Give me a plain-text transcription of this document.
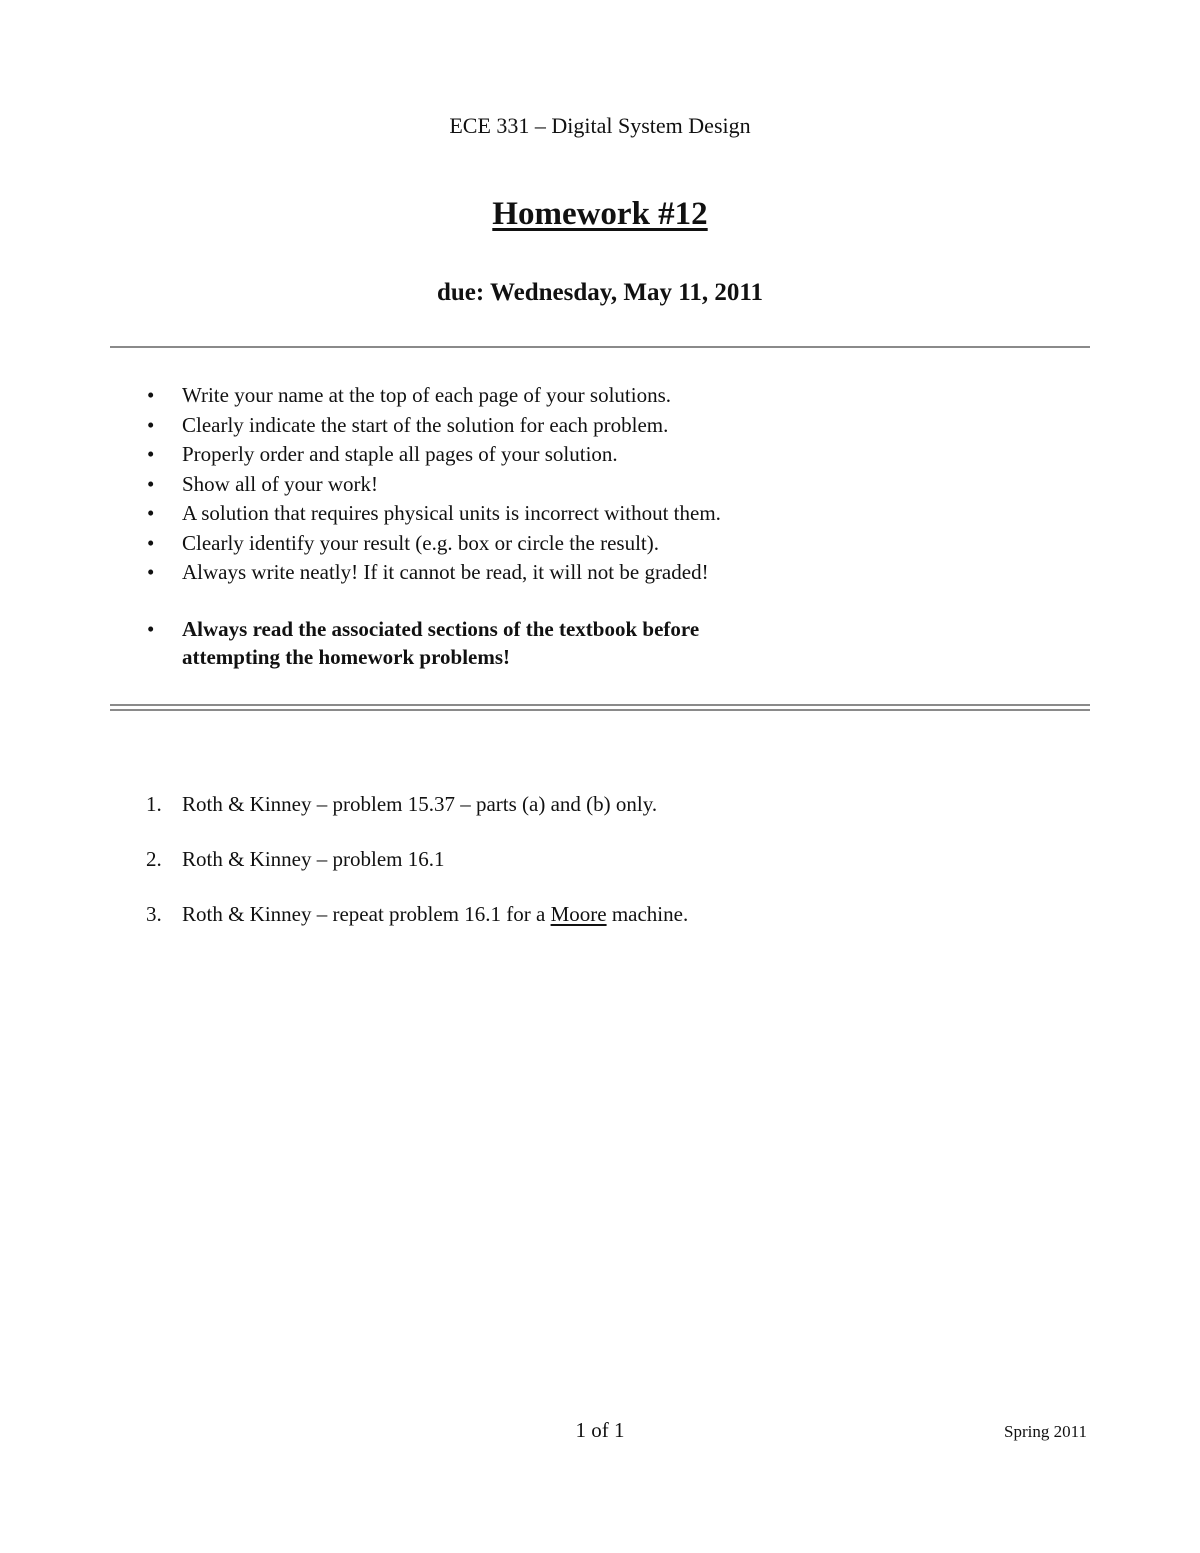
ECE 331 – Digital System Design
Homework #12
due: Wednesday, May 11, 2011
• Write your name at the top of each page of your solutions.
• Clearly indicate the start of the solution for each problem.
• Properly order and staple all pages of your solution.
• Show all of your work!
• A solution that requires physical units is incorrect without them.
• Clearly identify your result (e.g. box or circle the result).
• Always write neatly! If it cannot be read, it will not be graded!
• Always read the associated sections of the textbook before
attempting the homework problems!
1. Roth & Kinney – problem 15.37 – parts (a) and (b) only.
2. Roth & Kinney – problem 16.1
3. Roth & Kinney – repeat problem 16.1 for a Moore machine.
1 of 1	Spring 2011
